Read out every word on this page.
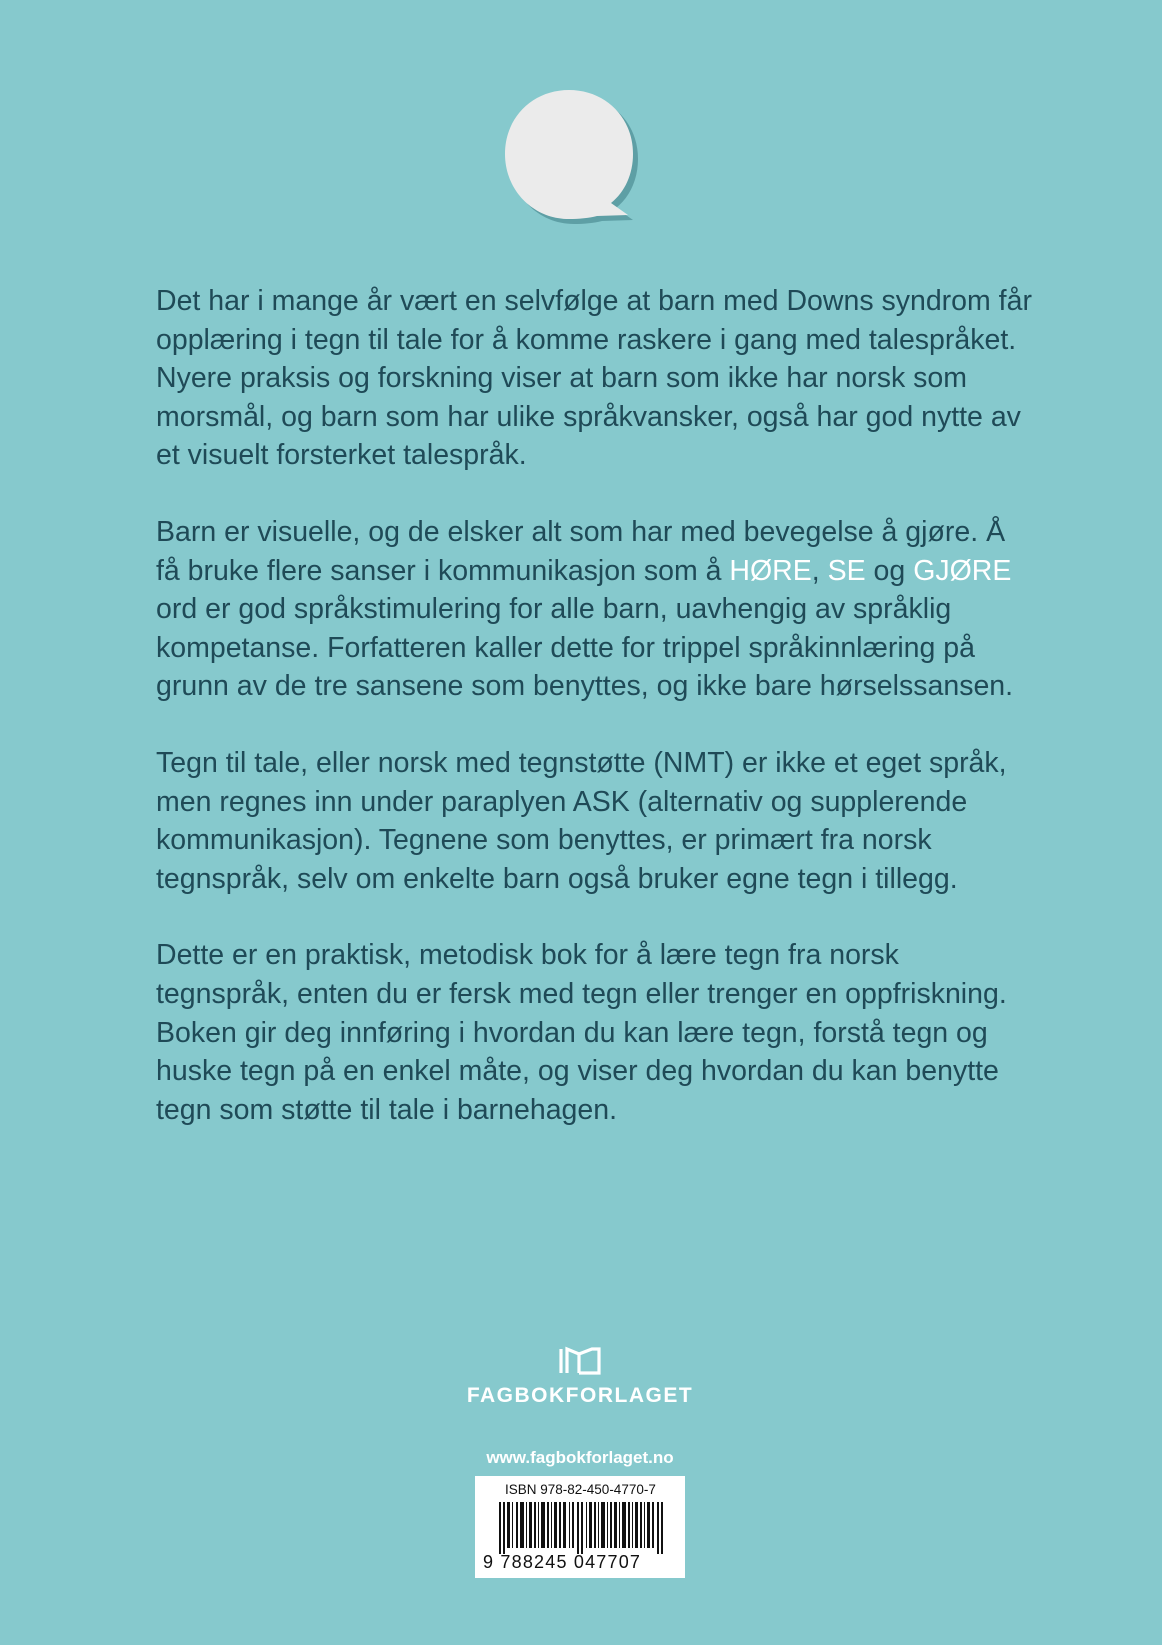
Det har i mange år vært en selvfølge at barn med Downs syndrom får opplæring i tegn til tale for å komme raskere i gang med talespråket. Nyere praksis og forskning viser at barn som ikke har norsk som morsmål, og barn som har ulike språkvansker, også har god nytte av et visuelt forsterket talespråk.

Barn er visuelle, og de elsker alt som har med bevegelse å gjøre. Å få bruke flere sanser i kommunikasjon som å HØRE, SE og GJØRE ord er god språkstimulering for alle barn, uavhengig av språklig kompetanse. Forfatteren kaller dette for trippel språkinnlæring på grunn av de tre sansene som benyttes, og ikke bare hørselssansen.

Tegn til tale, eller norsk med tegnstøtte (NMT) er ikke et eget språk, men regnes inn under paraplyen ASK (alternativ og supplerende kommunikasjon). Tegnene som benyttes, er primært fra norsk tegnspråk, selv om enkelte barn også bruker egne tegn i tillegg.

Dette er en praktisk, metodisk bok for å lære tegn fra norsk tegnspråk, enten du er fersk med tegn eller trenger en oppfriskning. Boken gir deg innføring i hvordan du kan lære tegn, forstå tegn og huske tegn på en enkel måte, og viser deg hvordan du kan benytte tegn som støtte til tale i barnehagen.

FAGBOKFORLAGET
www.fagbokforlaget.no
ISBN 978-82-450-4770-7
9 788245 047707
